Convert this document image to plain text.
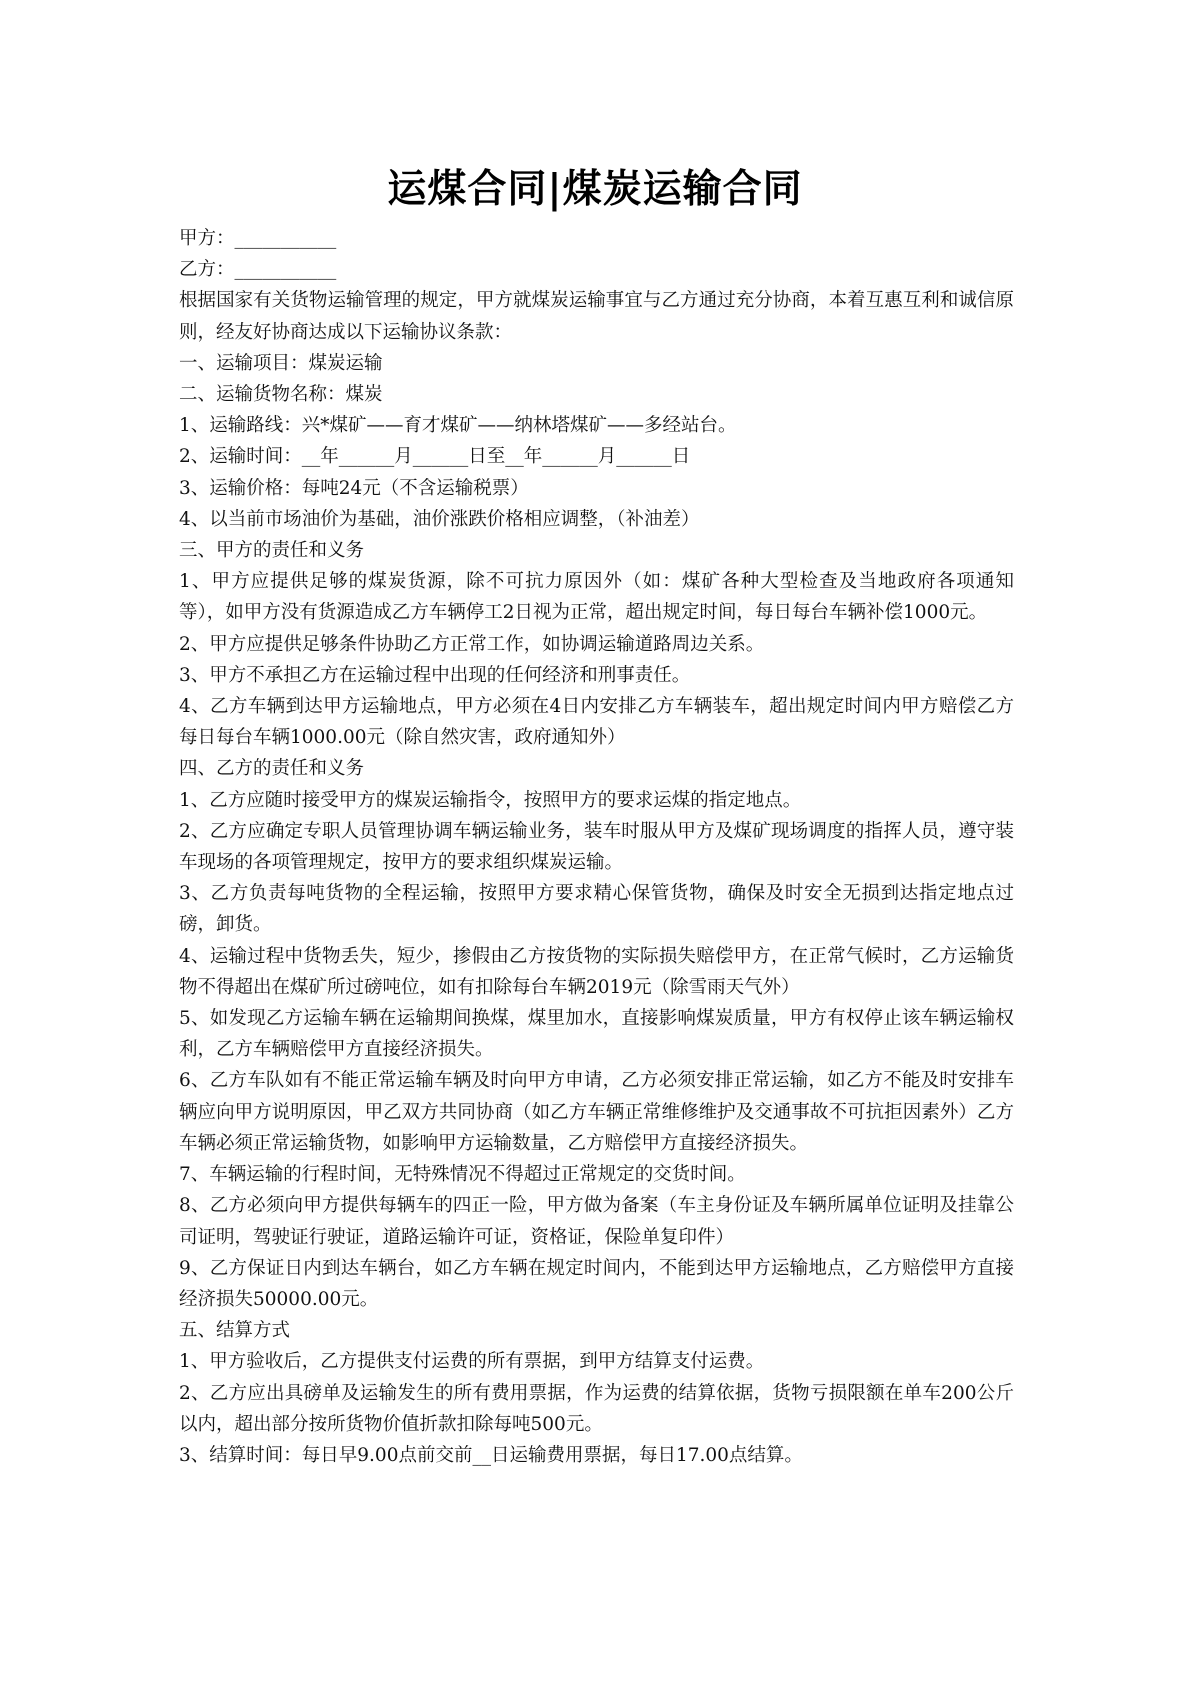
运煤合同|煤炭运输合同
甲方：___________
乙方：___________
根据国家有关货物运输管理的规定，甲方就煤炭运输事宜与乙方通过充分协商，本着互惠互利和诚信原则，经友好协商达成以下运输协议条款：
一、运输项目：煤炭运输
二、运输货物名称：煤炭
1、运输路线：兴*煤矿——育才煤矿——纳林塔煤矿——多经站台。
2、运输时间：__年______月______日至__年______月______日
3、运输价格：每吨24元（不含运输税票）
4、以当前市场油价为基础，油价涨跌价格相应调整，（补油差）
三、甲方的责任和义务
1、甲方应提供足够的煤炭货源，除不可抗力原因外（如：煤矿各种大型检查及当地政府各项通知等），如甲方没有货源造成乙方车辆停工2日视为正常，超出规定时间，每日每台车辆补偿1000元。
2、甲方应提供足够条件协助乙方正常工作，如协调运输道路周边关系。
3、甲方不承担乙方在运输过程中出现的任何经济和刑事责任。
4、乙方车辆到达甲方运输地点，甲方必须在4日内安排乙方车辆装车，超出规定时间内甲方赔偿乙方每日每台车辆1000.00元（除自然灾害，政府通知外）
四、乙方的责任和义务
1、乙方应随时接受甲方的煤炭运输指令，按照甲方的要求运煤的指定地点。
2、乙方应确定专职人员管理协调车辆运输业务，装车时服从甲方及煤矿现场调度的指挥人员，遵守装车现场的各项管理规定，按甲方的要求组织煤炭运输。
3、乙方负责每吨货物的全程运输，按照甲方要求精心保管货物，确保及时安全无损到达指定地点过磅，卸货。
4、运输过程中货物丢失，短少，掺假由乙方按货物的实际损失赔偿甲方，在正常气候时，乙方运输货物不得超出在煤矿所过磅吨位，如有扣除每台车辆2019元（除雪雨天气外）
5、如发现乙方运输车辆在运输期间换煤，煤里加水，直接影响煤炭质量，甲方有权停止该车辆运输权利，乙方车辆赔偿甲方直接经济损失。
6、乙方车队如有不能正常运输车辆及时向甲方申请，乙方必须安排正常运输，如乙方不能及时安排车辆应向甲方说明原因，甲乙双方共同协商（如乙方车辆正常维修维护及交通事故不可抗拒因素外）乙方车辆必须正常运输货物，如影响甲方运输数量，乙方赔偿甲方直接经济损失。
7、车辆运输的行程时间，无特殊情况不得超过正常规定的交货时间。
8、乙方必须向甲方提供每辆车的四正一险，甲方做为备案（车主身份证及车辆所属单位证明及挂靠公司证明，驾驶证行驶证，道路运输许可证，资格证，保险单复印件）
9、乙方保证日内到达车辆台，如乙方车辆在规定时间内，不能到达甲方运输地点，乙方赔偿甲方直接经济损失50000.00元。
五、结算方式
1、甲方验收后，乙方提供支付运费的所有票据，到甲方结算支付运费。
2、乙方应出具磅单及运输发生的所有费用票据，作为运费的结算依据，货物亏损限额在单车200公斤以内，超出部分按所货物价值折款扣除每吨500元。
3、结算时间：每日早9.00点前交前__日运输费用票据，每日17.00点结算。
